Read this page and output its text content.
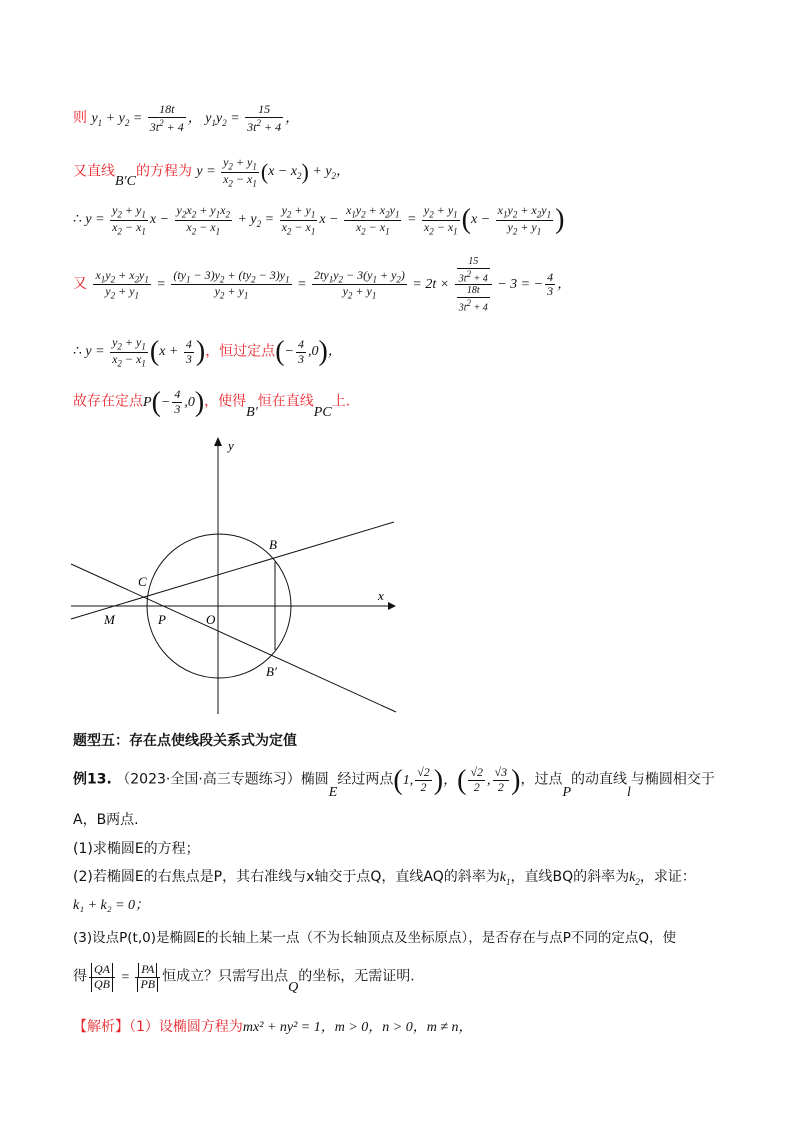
则 $y_1 + y_2 = \frac{18t}{3t^2 + 4}$ ， $y_1y_2 = \frac{15}{3t^2 + 4}$ ，
又直线B′C的方程为 $y = \frac{y_2 + y_1}{x_2 - x_1} (x - x_2) + y_2$，
∴ $y = \frac{y_2 + y_1}{x_2 - x_1}$ $x - \frac{y_2x_2 + y_1x_2}{x_2 - x_1} + y_2 = \frac{y_2 + y_1}{x_2 - x_1}$ $x - \frac{x_1y_2 + x_2y_1}{x_2 - x_1} = \frac{y_2 + y_1}{x_2 - x_1} (x - \frac{x_1y_2 + x_2y_1}{y_2 + y_1}$ )
又 $\frac{x_1y_2 + x_2y_1}{y_2 + y_1} = \frac{(ty_1 - 3)y_2 + (ty_2 - 3)y_1}{y_2 + y_1} = \frac{2ty_1y_2 - 3(y_1 + y_2)}{y_2 + y_1} = 2t \times \frac{\frac{15}{3t^2 + 4}}{\frac{18t}{3t^2 + 4}} - 3$ = − $\frac{4}{3}$ ，
∴ $y = \frac{y_2 + y_1}{x_2 - x_1} (x + \frac{4}{3}$ )，恒过定点(− $\frac{4}{3} ,0$)，
故存在定点$P(- \frac{4}{3} ,0)$，使得B′恒在直线PC上.
y
x
B
C
M	P	O
B′
题型五：存在点使线段关系式为定值
例13. （2023·全国·高三专题练习）椭圆E经过两点(1, $\frac{√2}{2}$ )，( $\frac{√2}{2}$ , $\frac{√3}{2}$ )，过点P的动直线l与椭圆相交于
A，B两点.
(1)求椭圆E的方程；
(2)若椭圆E的右焦点是P，其右准线与x轴交于点Q，直线AQ的斜率为$k_1$，直线BQ的斜率为$k_2$，求证：
k₁ + k₂ = 0；
(3)设点P(t,0)是椭圆E的长轴上某一点（不为长轴顶点及坐标原点），是否存在与点P不同的定点Q，使
得 $\frac{QA}{QB} = \frac{PA}{PB}$ 恒成立？只需写出点Q的坐标，无需证明.
【解析】（1）设椭圆方程为mx² + ny² = 1，m > 0，n > 0，m ≠ n，
